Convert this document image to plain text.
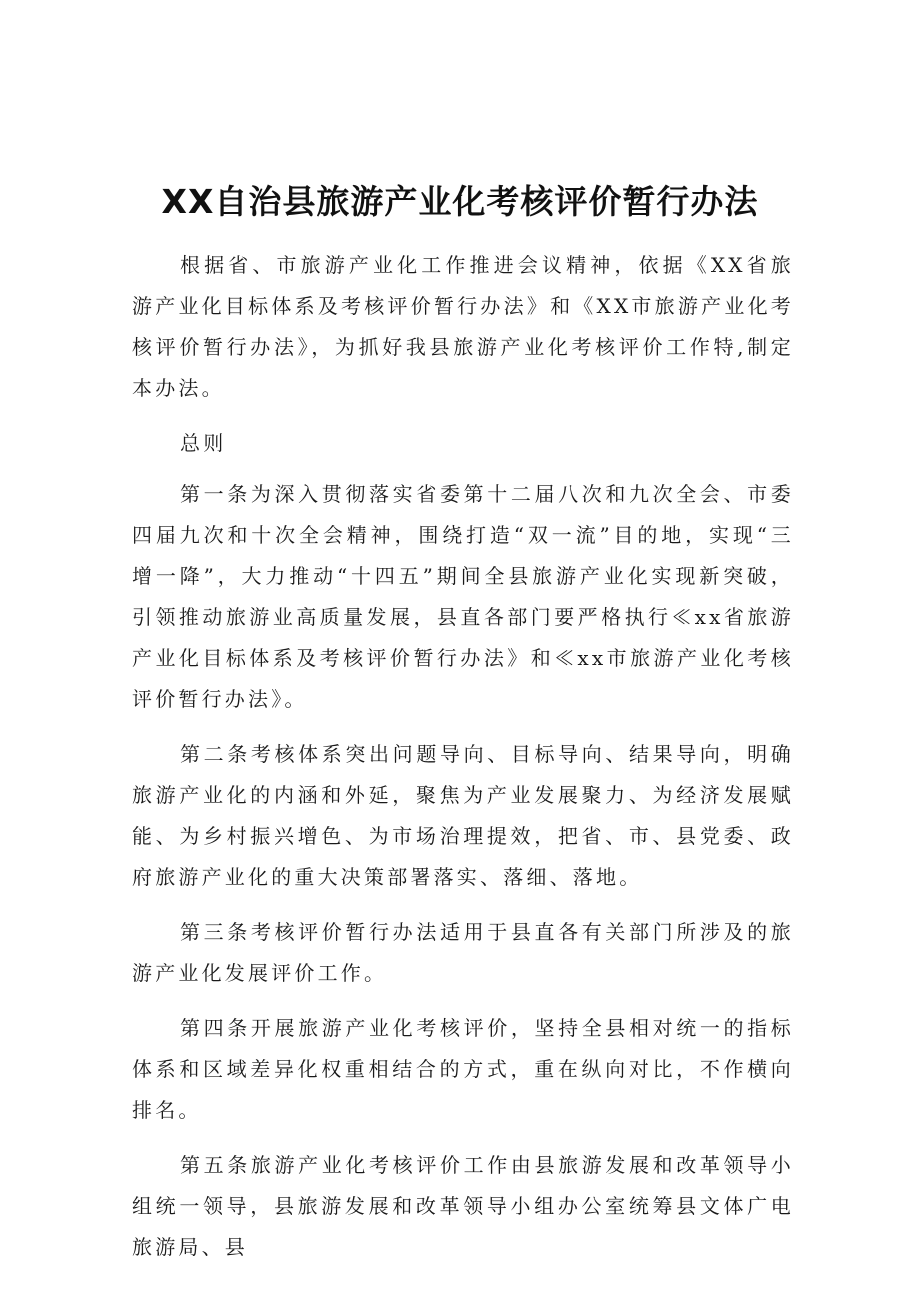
XX自治县旅游产业化考核评价暂行办法

根据省、市旅游产业化工作推进会议精神，依据《XX省旅游产业化目标体系及考核评价暂行办法》和《XX市旅游产业化考核评价暂行办法》，为抓好我县旅游产业化考核评价工作特,制定本办法。

总则

第一条为深入贯彻落实省委第十二届八次和九次全会、市委四届九次和十次全会精神，围绕打造“双一流”目的地，实现“三增一降”，大力推动“十四五”期间全县旅游产业化实现新突破，引领推动旅游业高质量发展，县直各部门要严格执行≪xx省旅游产业化目标体系及考核评价暂行办法》和≪xx市旅游产业化考核评价暂行办法》。

第二条考核体系突出问题导向、目标导向、结果导向，明确旅游产业化的内涵和外延，聚焦为产业发展聚力、为经济发展赋能、为乡村振兴增色、为市场治理提效，把省、市、县党委、政府旅游产业化的重大决策部署落实、落细、落地。

第三条考核评价暂行办法适用于县直各有关部门所涉及的旅游产业化发展评价工作。

第四条开展旅游产业化考核评价，坚持全县相对统一的指标体系和区域差异化权重相结合的方式，重在纵向对比，不作横向排名。

第五条旅游产业化考核评价工作由县旅游发展和改革领导小组统一领导，县旅游发展和改革领导小组办公室统筹县文体广电旅游局、县
